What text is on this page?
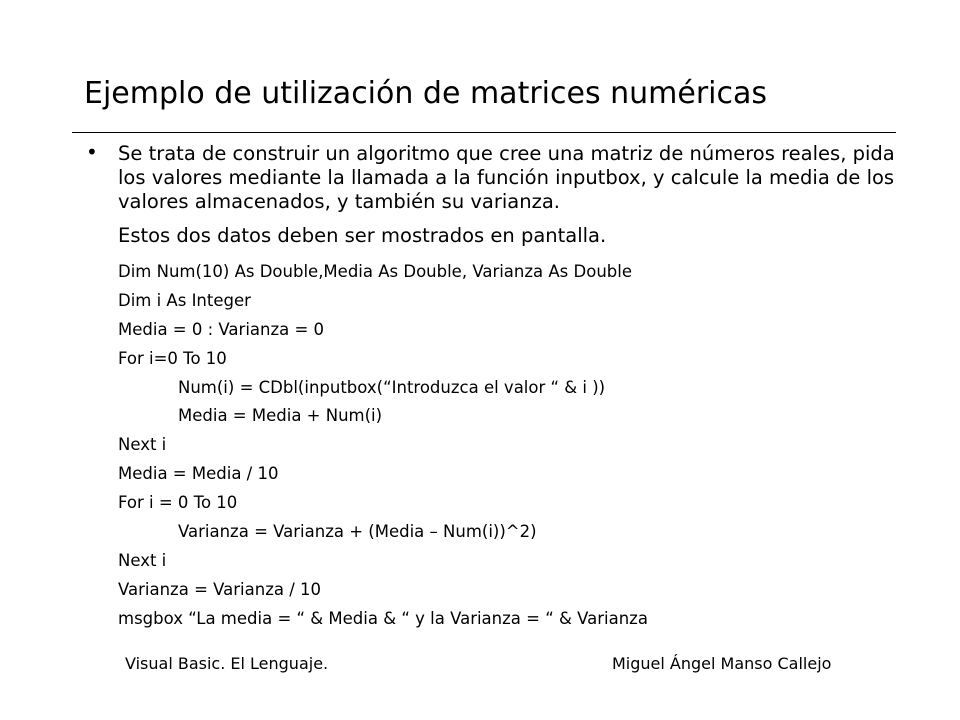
Ejemplo de utilización de matrices numéricas
• Se trata de construir un algoritmo que cree una matriz de números reales, pida los valores mediante la llamada a la función inputbox, y calcule la media de los valores almacenados, y también su varianza.
Estos dos datos deben ser mostrados en pantalla.
Dim Num(10) As Double,Media As Double, Varianza As Double
Dim i As Integer
Media = 0 : Varianza = 0
For i=0 To 10
Num(i) = CDbl(inputbox(“Introduzca el valor “ & i ))
Media = Media + Num(i)
Next i
Media = Media / 10
For i = 0 To 10
Varianza = Varianza + (Media – Num(i))^2)
Next i
Varianza = Varianza / 10
msgbox “La media = “ & Media & “ y la Varianza = “ & Varianza
Visual Basic. El Lenguaje.	Miguel Ángel Manso Callejo
